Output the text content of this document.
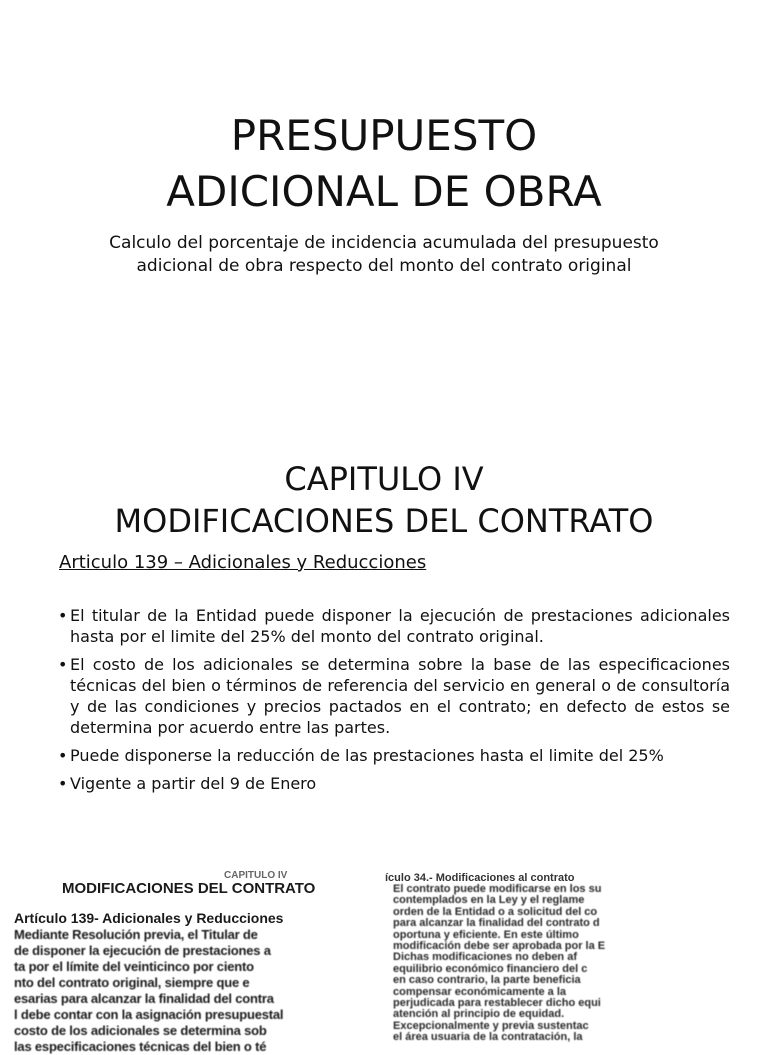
PRESUPUESTO
ADICIONAL DE OBRA
Calculo del porcentaje de incidencia acumulada del presupuesto adicional de obra respecto del monto del contrato original
CAPITULO IV
MODIFICACIONES DEL CONTRATO
Articulo 139 – Adicionales y Reducciones
• El titular de la Entidad puede disponer la ejecución de prestaciones adicionales hasta por el limite del 25% del monto del contrato original.
• El costo de los adicionales se determina sobre la base de las especificaciones técnicas del bien o términos de referencia del servicio en general o de consultoría y de las condiciones y precios pactados en el contrato; en defecto de estos se determina por acuerdo entre las partes.
• Puede disponerse la reducción de las prestaciones hasta el limite del 25%
• Vigente a partir del 9 de Enero
CAPITULO IV
MODIFICACIONES DEL CONTRATO
Artículo 139- Adicionales y Reducciones
Mediante Resolución previa, el Titular de
de disponer la ejecución de prestaciones a
ta por el límite del veinticinco por ciento
nto del contrato original, siempre que e
esarias para alcanzar la finalidad del contra
l debe contar con la asignación presupuestal
costo de los adicionales se determina sob
las especificaciones técnicas del bien o té
ículo 34.- Modificaciones al contrato
El contrato puede modificarse en los su
contemplados en la Ley y el reglame
orden de la Entidad o a solicitud del co
para alcanzar la finalidad del contrato d
oportuna y eficiente. En este último
modificación debe ser aprobada por la E
Dichas modificaciones no deben af
equilibrio económico financiero del c
en caso contrario, la parte beneficia
compensar económicamente a la
perjudicada para restablecer dicho equi
atención al principio de equidad.
Excepcionalmente y previa sustentac
el área usuaria de la contratación, la
